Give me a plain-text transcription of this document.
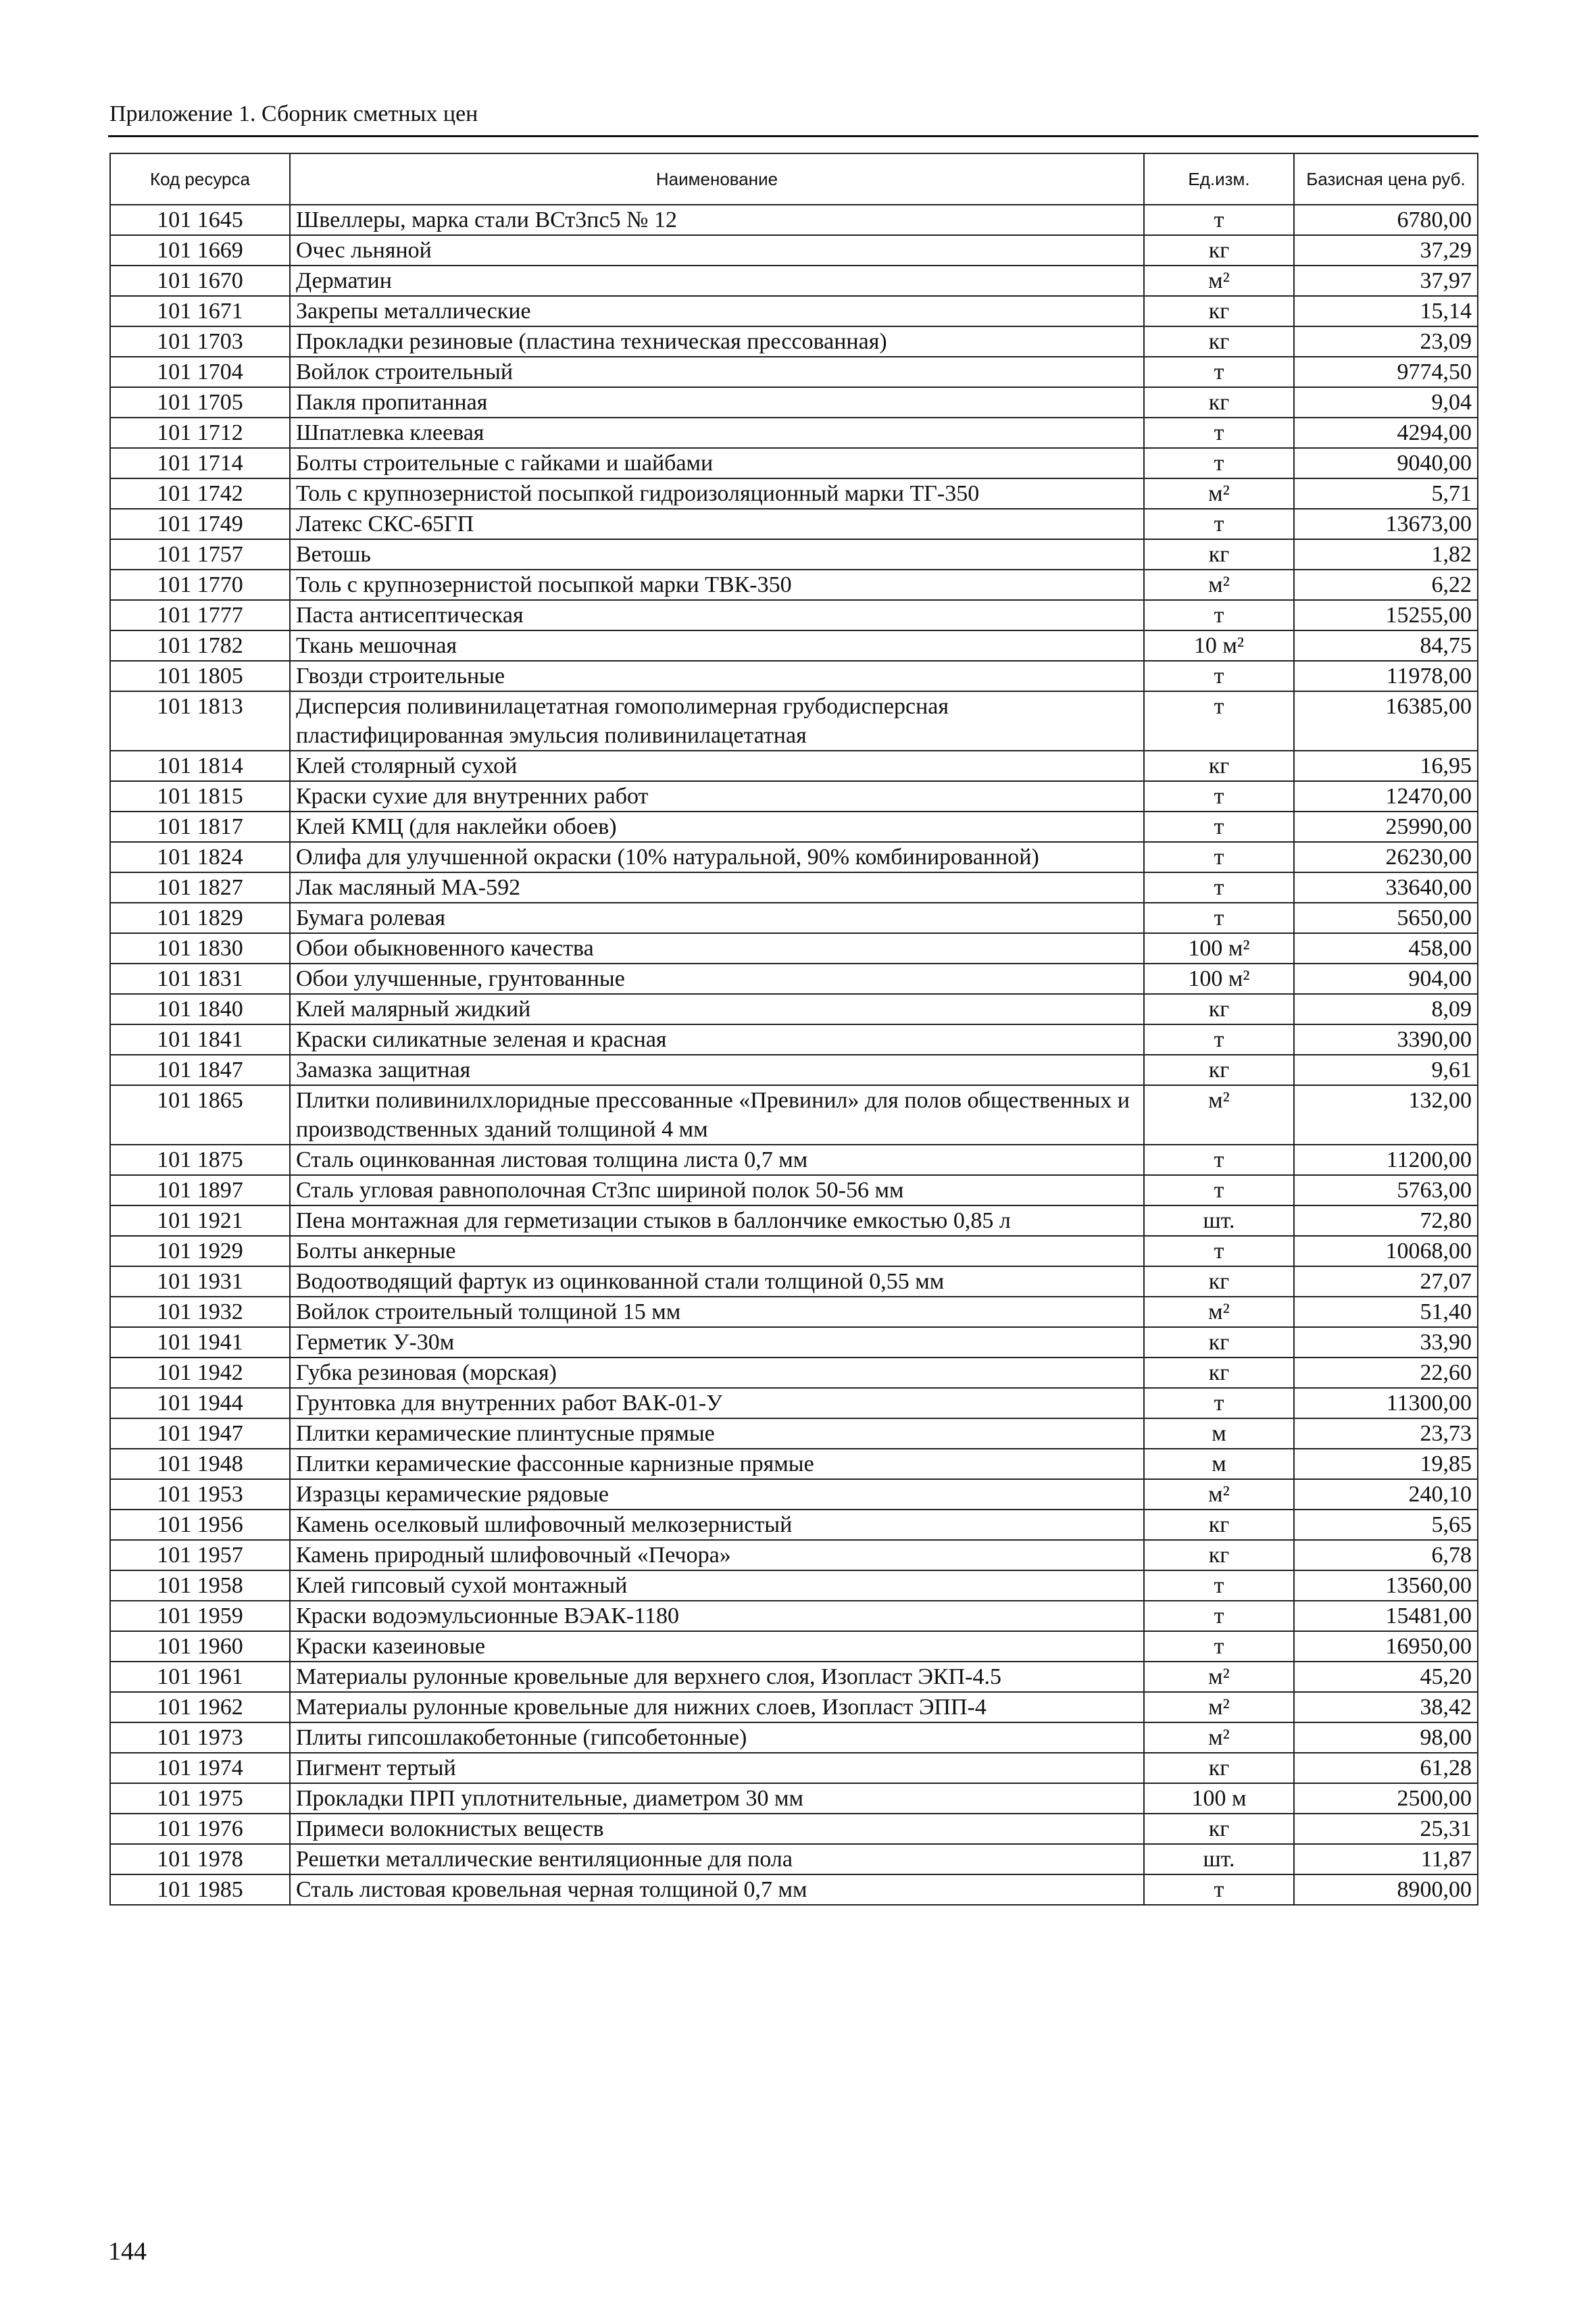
Приложение 1. Сборник сметных цен
Код ресурса	Наименование	Ед.изм.	Базисная цена руб.
101 1645	Швеллеры, марка стали ВСт3пс5 № 12	т	6780,00
101 1669	Очес льняной	кг	37,29
101 1670	Дерматин	м²	37,97
101 1671	Закрепы металлические	кг	15,14
101 1703	Прокладки резиновые (пластина техническая прессованная)	кг	23,09
101 1704	Войлок строительный	т	9774,50
101 1705	Пакля пропитанная	кг	9,04
101 1712	Шпатлевка клеевая	т	4294,00
101 1714	Болты строительные с гайками и шайбами	т	9040,00
101 1742	Толь с крупнозернистой посыпкой гидроизоляционный марки ТГ-350	м²	5,71
101 1749	Латекс СКС-65ГП	т	13673,00
101 1757	Ветошь	кг	1,82
101 1770	Толь с крупнозернистой посыпкой марки ТВК-350	м²	6,22
101 1777	Паста антисептическая	т	15255,00
101 1782	Ткань мешочная	10 м²	84,75
101 1805	Гвозди строительные	т	11978,00
101 1813	Дисперсия поливинилацетатная гомополимерная грубодисперсная пластифицированная эмульсия поливинилацетатная	т	16385,00
101 1814	Клей столярный сухой	кг	16,95
101 1815	Краски сухие для внутренних работ	т	12470,00
101 1817	Клей КМЦ (для наклейки обоев)	т	25990,00
101 1824	Олифа для улучшенной окраски (10% натуральной, 90% комбинированной)	т	26230,00
101 1827	Лак масляный МА-592	т	33640,00
101 1829	Бумага ролевая	т	5650,00
101 1830	Обои обыкновенного качества	100 м²	458,00
101 1831	Обои улучшенные, грунтованные	100 м²	904,00
101 1840	Клей малярный жидкий	кг	8,09
101 1841	Краски силикатные зеленая и красная	т	3390,00
101 1847	Замазка защитная	кг	9,61
101 1865	Плитки поливинилхлоридные прессованные «Превинил» для полов общественных и производственных зданий толщиной 4 мм	м²	132,00
101 1875	Сталь оцинкованная листовая толщина листа 0,7 мм	т	11200,00
101 1897	Сталь угловая равнополочная Ст3пс шириной полок 50-56 мм	т	5763,00
101 1921	Пена монтажная для герметизации стыков в баллончике емкостью 0,85 л	шт.	72,80
101 1929	Болты анкерные	т	10068,00
101 1931	Водоотводящий фартук из оцинкованной стали толщиной 0,55 мм	кг	27,07
101 1932	Войлок строительный толщиной 15 мм	м²	51,40
101 1941	Герметик У-30м	кг	33,90
101 1942	Губка резиновая (морская)	кг	22,60
101 1944	Грунтовка для внутренних работ ВАК-01-У	т	11300,00
101 1947	Плитки керамические плинтусные прямые	м	23,73
101 1948	Плитки керамические фассонные карнизные прямые	м	19,85
101 1953	Изразцы керамические рядовые	м²	240,10
101 1956	Камень оселковый шлифовочный мелкозернистый	кг	5,65
101 1957	Камень природный шлифовочный «Печора»	кг	6,78
101 1958	Клей гипсовый сухой монтажный	т	13560,00
101 1959	Краски водоэмульсионные ВЭАК-1180	т	15481,00
101 1960	Краски казеиновые	т	16950,00
101 1961	Материалы рулонные кровельные для верхнего слоя, Изопласт ЭКП-4.5	м²	45,20
101 1962	Материалы рулонные кровельные для нижних слоев, Изопласт ЭПП-4	м²	38,42
101 1973	Плиты гипсошлакобетонные (гипсобетонные)	м²	98,00
101 1974	Пигмент тертый	кг	61,28
101 1975	Прокладки ПРП уплотнительные, диаметром 30 мм	100 м	2500,00
101 1976	Примеси волокнистых веществ	кг	25,31
101 1978	Решетки металлические вентиляционные для пола	шт.	11,87
101 1985	Сталь листовая кровельная черная толщиной 0,7 мм	т	8900,00
144
